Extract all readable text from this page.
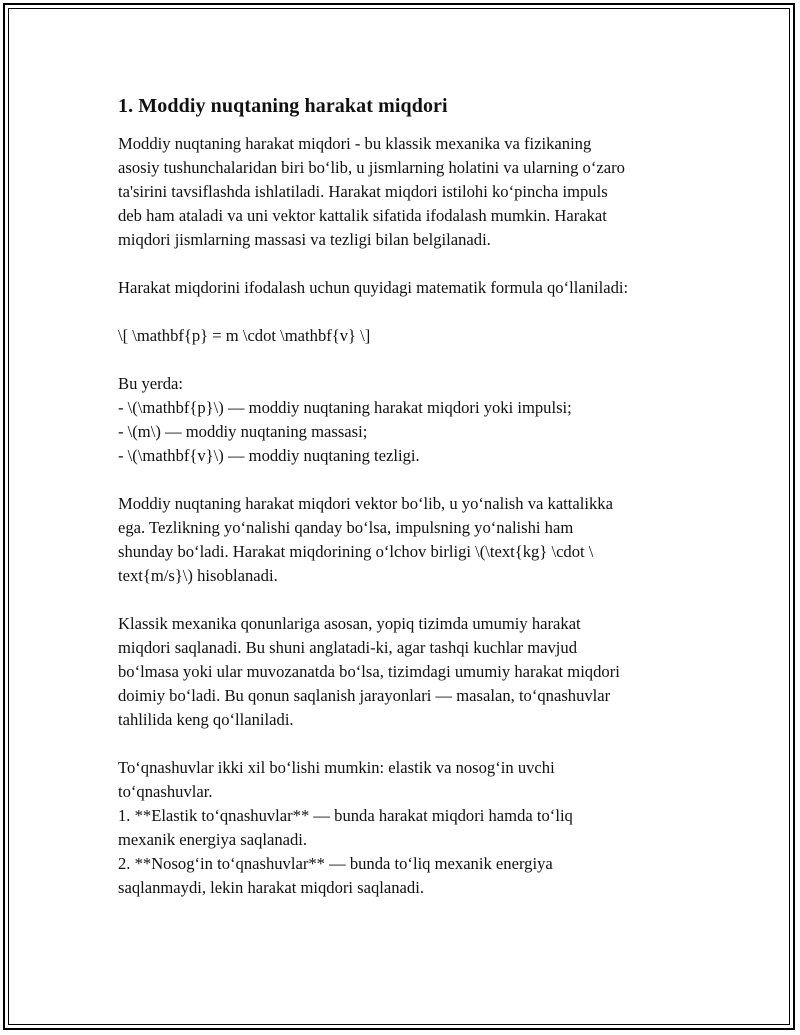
1. Moddiy nuqtaning harakat miqdori

Moddiy nuqtaning harakat miqdori - bu klassik mexanika va fizikaning
asosiy tushunchalaridan biri bo‘lib, u jismlarning holatini va ularning o‘zaro
ta'sirini tavsiflashda ishlatiladi. Harakat miqdori istilohi ko‘pincha impuls
deb ham ataladi va uni vektor kattalik sifatida ifodalash mumkin. Harakat
miqdori jismlarning massasi va tezligi bilan belgilanadi.

Harakat miqdorini ifodalash uchun quyidagi matematik formula qo‘llaniladi:

\[ \mathbf{p} = m \cdot \mathbf{v} \]

Bu yerda:
- \(\mathbf{p}\) — moddiy nuqtaning harakat miqdori yoki impulsi;
- \(m\) — moddiy nuqtaning massasi;
- \(\mathbf{v}\) — moddiy nuqtaning tezligi.

Moddiy nuqtaning harakat miqdori vektor bo‘lib, u yo‘nalish va kattalikka
ega. Tezlikning yo‘nalishi qanday bo‘lsa, impulsning yo‘nalishi ham
shunday bo‘ladi. Harakat miqdorining o‘lchov birligi \(\text{kg} \cdot \
text{m/s}\) hisoblanadi.

Klassik mexanika qonunlariga asosan, yopiq tizimda umumiy harakat
miqdori saqlanadi. Bu shuni anglatadi-ki, agar tashqi kuchlar mavjud
bo‘lmasa yoki ular muvozanatda bo‘lsa, tizimdagi umumiy harakat miqdori
doimiy bo‘ladi. Bu qonun saqlanish jarayonlari — masalan, to‘qnashuvlar
tahlilida keng qo‘llaniladi.

To‘qnashuvlar ikki xil bo‘lishi mumkin: elastik va nosog‘in uvchi
to‘qnashuvlar.
1. **Elastik to‘qnashuvlar** — bunda harakat miqdori hamda to‘liq
mexanik energiya saqlanadi.
2. **Nosog‘in to‘qnashuvlar** — bunda to‘liq mexanik energiya
saqlanmaydi, lekin harakat miqdori saqlanadi.
